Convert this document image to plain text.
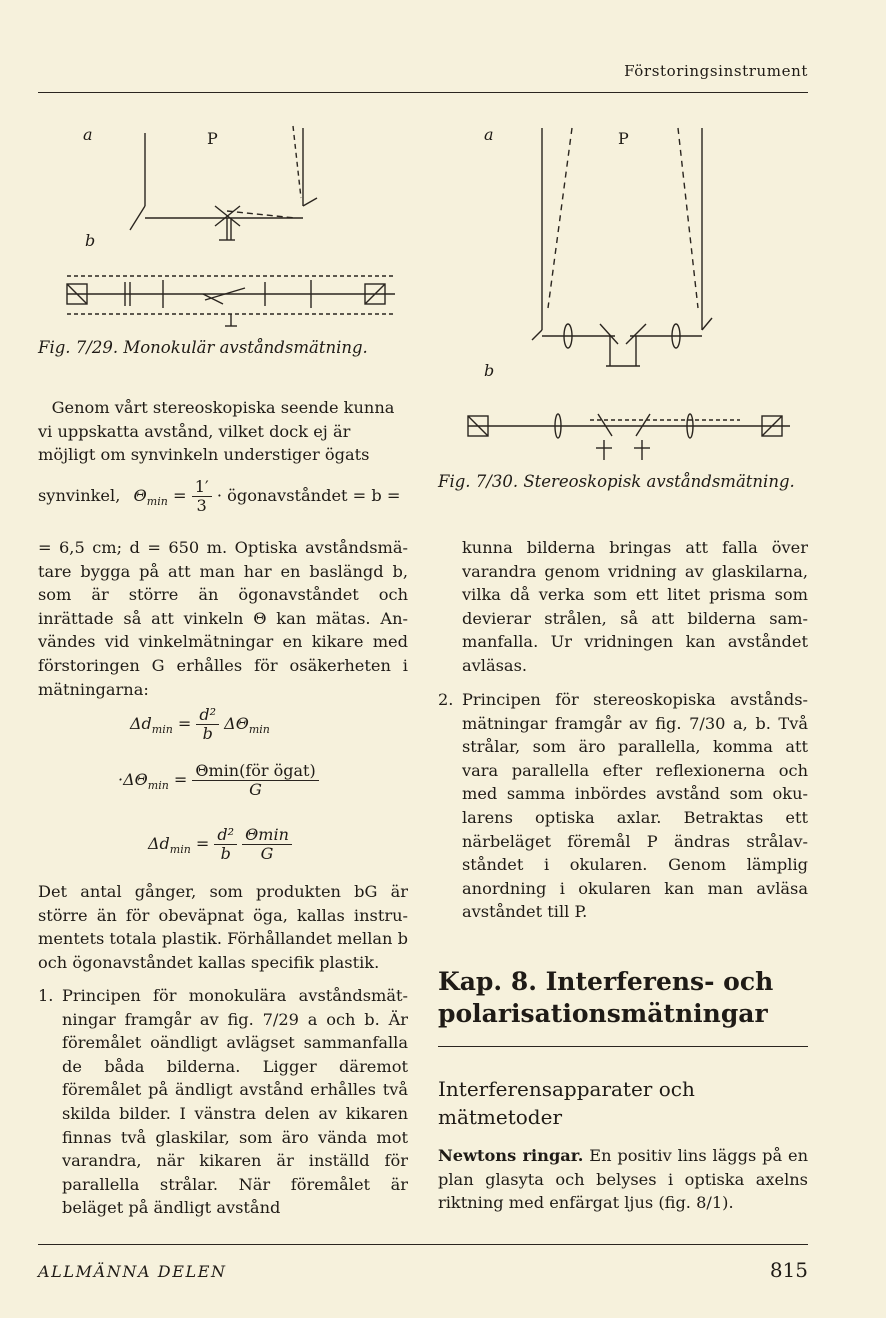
Förstoringsinstrument
a	P
b
Fig. 7/29. Monokulär avståndsmätning.
a	P
b
Fig. 7/30. Stereoskopisk avståndsmätning.
Genom vårt stereoskopiska seende kunna
vi uppskatta avstånd, vilket dock ej är
möjligt om synvinkeln understiger ögats
synvinkel, $\Theta_{min} = \frac{1'}{3}$ · ögonavståndet = b =

= 6,5 cm; d = 650 m. Optiska avståndsmätare bygga på att man har en baslängd b, som är större än ögonavståndet och inrättade så att vinkeln Θ kan mätas. Användes vid vinkelmätningar en kikare med förstoringen G erhålles för osäkerheten i mätningarna:

$\Delta d_{min} = \frac{\text{d²}}{b} \Delta\Theta_{min}$
$\cdot\Delta\Theta_{min} = \frac{\text{Θmin(för ögat)}}{G}$
$\Delta d_{min} = \frac{\text{d²}}{b}$
$\frac{\Theta\min}{G}$

Det antal gånger, som produkten bG är större än för obeväpnat öga, kallas instrumentets totala plastik. Förhållandet mellan b och ögonavståndet kallas specifik plastik.

1. Principen för monokulära avståndsmätningar framgår av fig. 7/29 a och b. Är föremålet oändligt avlägset sammanfalla de båda bilderna. Ligger däremot föremålet på ändligt avstånd erhålles två skilda bilder. I vänstra delen av kikaren finnas två glaskilar, som äro vända mot varandra, när kikaren är inställd för parallella strålar. När föremålet är beläget på ändligt avstånd

kunna bilderna bringas att falla över varandra genom vridning av glaskilarna, vilka då verka som ett litet prisma som devierar strålen, så att bilderna sammanfalla. Ur vridningen kan avståndet avläsas.

2. Principen för stereoskopiska avståndsmätningar framgår av fig. 7/30 a, b. Två strålar, som äro parallella, komma att vara parallella efter reflexionerna och med samma inbördes avstånd som okularens optiska axlar. Betraktas ett närbeläget föremål P ändras strålavståndet i okularen. Genom lämplig anordning i okularen kan man avläsa avståndet till P.

Kap. 8. Interferens- och
polarisationsmätningar
Interferensapparater och
mätmetoder

Newtons ringar. En positiv lins läggs på en plan glasyta och belyses i optiska axelns riktning med enfärgat ljus (fig. 8/1).

ALLMÄNNA DELEN	815
